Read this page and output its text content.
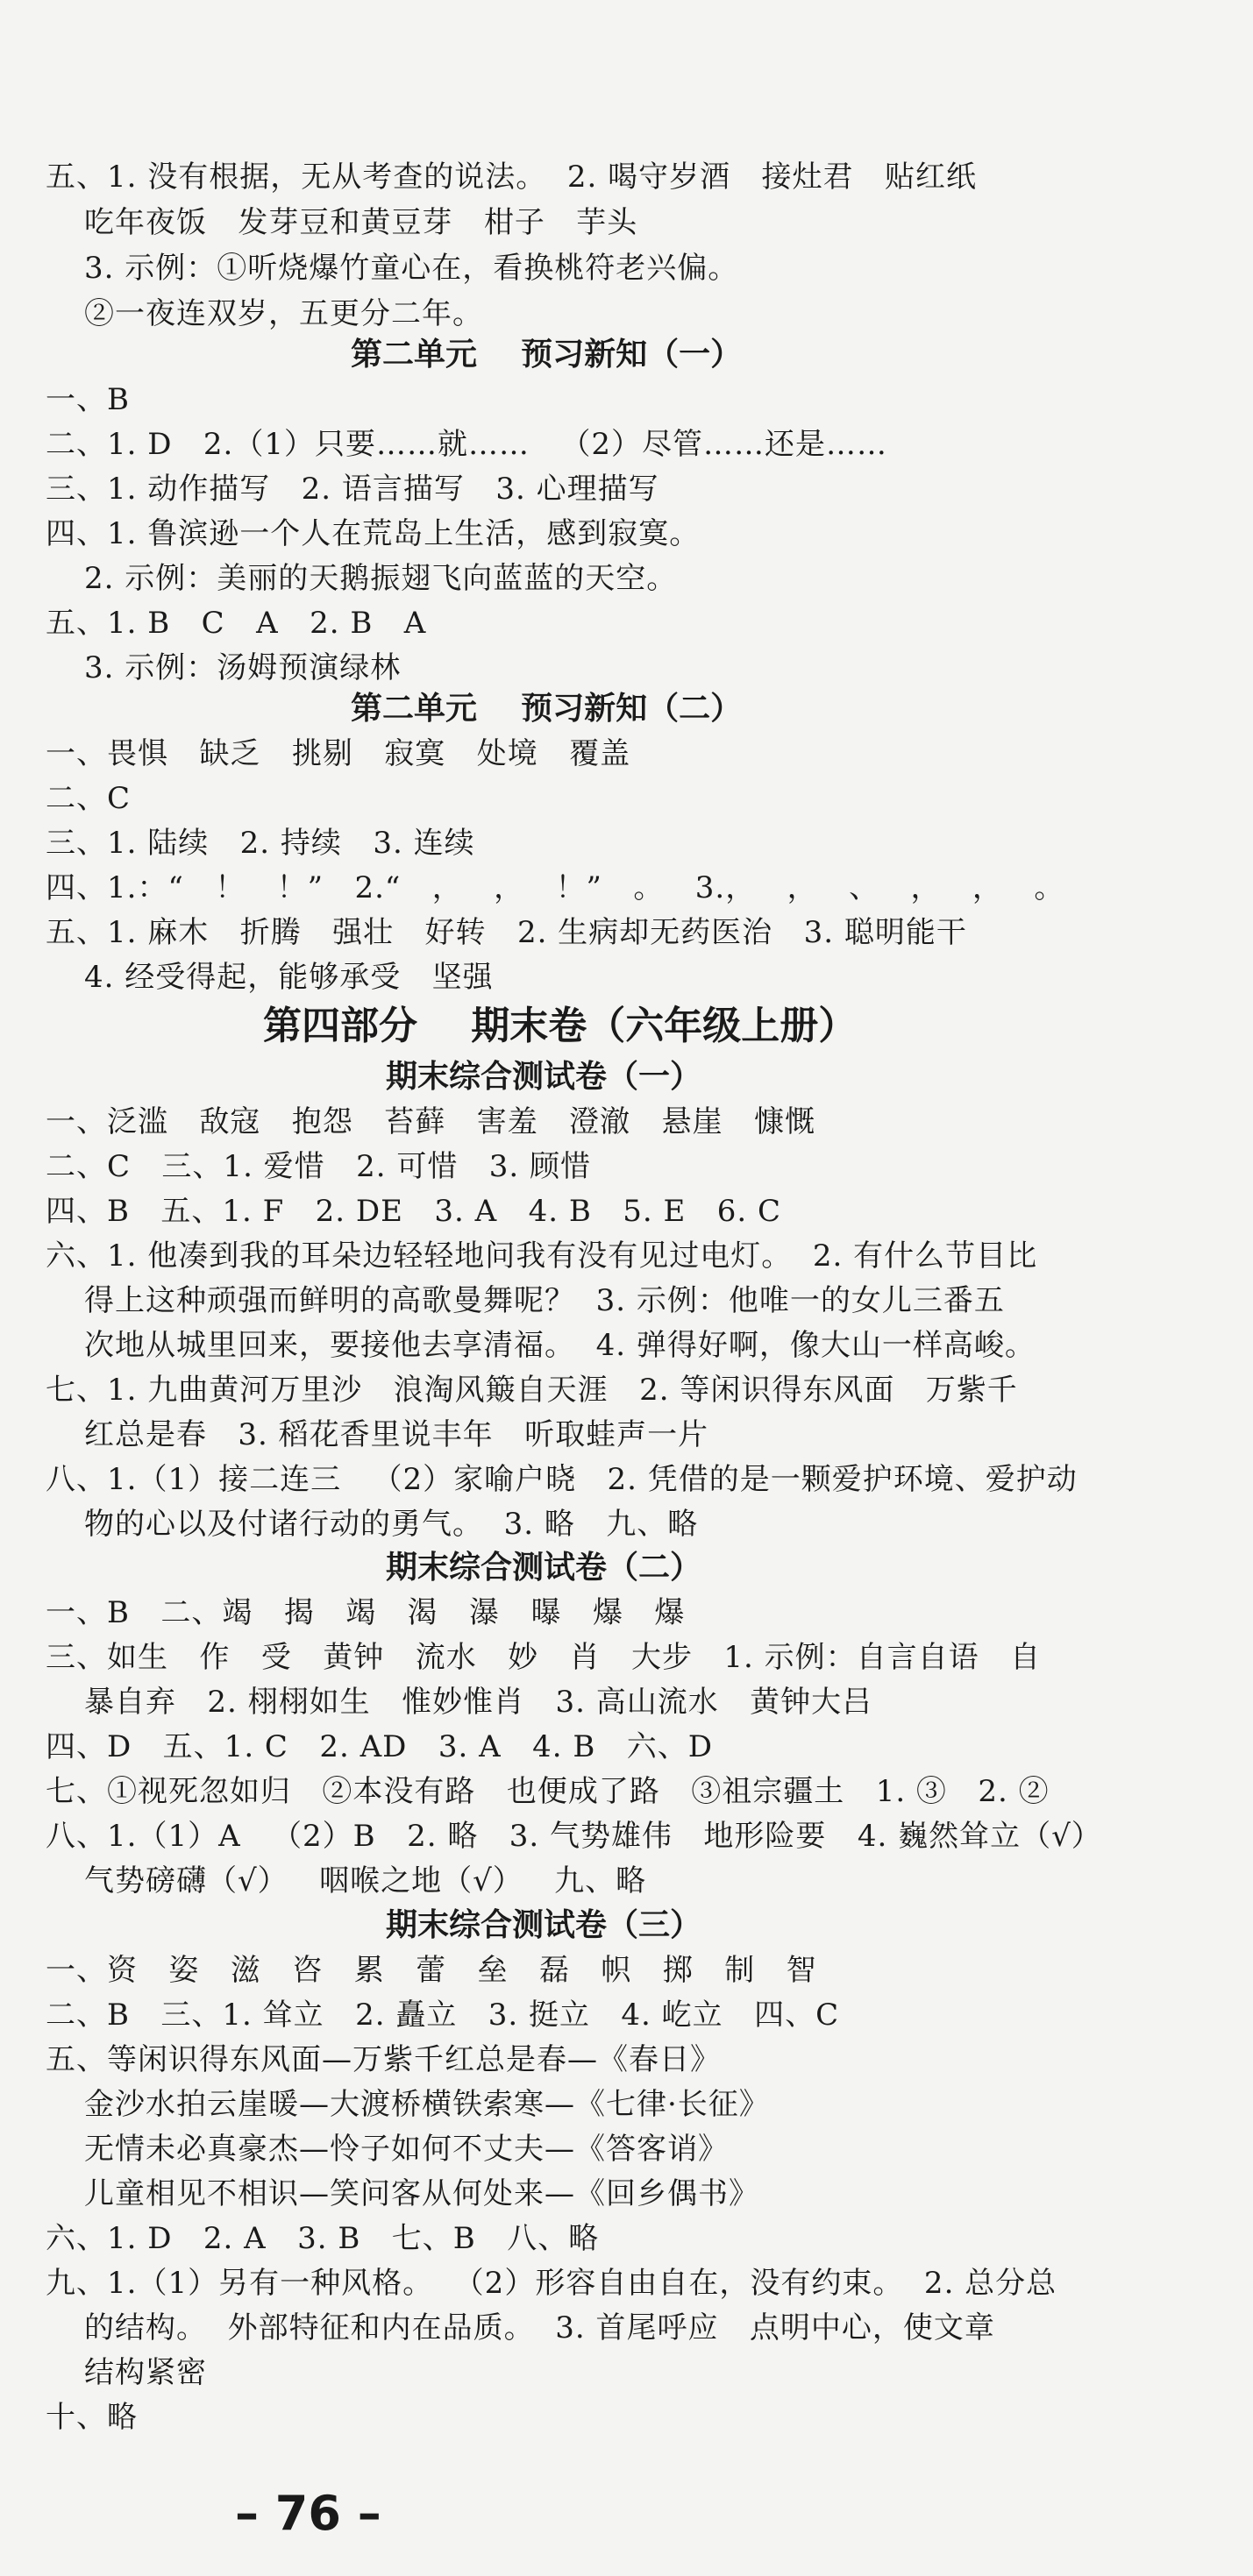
五、1. 没有根据，无从考查的说法。  2. 喝守岁酒   接灶君   贴红纸
吃年夜饭   发芽豆和黄豆芽   柑子   芋头
3. 示例：①听烧爆竹童心在，看换桃符老兴偏。
②一夜连双岁，五更分二年。
第二单元    预习新知（一）
一、B
二、1. D   2.（1）只要……就……   （2）尽管……还是……
三、1. 动作描写   2. 语言描写   3. 心理描写
四、1. 鲁滨逊一个人在荒岛上生活，感到寂寞。
2. 示例：美丽的天鹅振翅飞向蓝蓝的天空。
五、1. B   C   A   2. B   A
3. 示例：汤姆预演绿林
第二单元    预习新知（二）
一、畏惧   缺乏   挑剔   寂寞   处境   覆盖
二、C
三、1. 陆续   2. 持续   3. 连续
四、1.：“   ！   ！”   2.“   ，   ，   ！”   。   3.，   ，   、   ，   ，   。
五、1. 麻木   折腾   强壮   好转   2. 生病却无药医治   3. 聪明能干
4. 经受得起，能够承受   坚强
第四部分    期末卷（六年级上册）
期末综合测试卷（一）
一、泛滥   敌寇   抱怨   苔藓   害羞   澄澈   悬崖   慷慨
二、C   三、1. 爱惜   2. 可惜   3. 顾惜
四、B   五、1. F   2. DE   3. A   4. B   5. E   6. C
六、1. 他凑到我的耳朵边轻轻地问我有没有见过电灯。  2. 有什么节目比
得上这种顽强而鲜明的高歌曼舞呢？  3. 示例：他唯一的女儿三番五
次地从城里回来，要接他去享清福。  4. 弹得好啊，像大山一样高峻。
七、1. 九曲黄河万里沙   浪淘风簸自天涯   2. 等闲识得东风面   万紫千
红总是春   3. 稻花香里说丰年   听取蛙声一片
八、1.（1）接二连三   （2）家喻户晓   2. 凭借的是一颗爱护环境、爱护动
物的心以及付诸行动的勇气。  3. 略   九、略
期末综合测试卷（二）
一、B   二、竭   揭   竭   渴   瀑   曝   爆   爆
三、如生   作   受   黄钟   流水   妙   肖   大步   1. 示例：自言自语   自
暴自弃   2. 栩栩如生   惟妙惟肖   3. 高山流水   黄钟大吕
四、D   五、1. C   2. AD   3. A   4. B   六、D
七、①视死忽如归   ②本没有路   也便成了路   ③祖宗疆土   1. ③   2. ②
八、1.（1）A   （2）B   2. 略   3. 气势雄伟   地形险要   4. 巍然耸立（√）
气势磅礴（√）   咽喉之地（√）   九、略
期末综合测试卷（三）
一、资   姿   滋   咨   累   蕾   垒   磊   帜   掷   制   智
二、B   三、1. 耸立   2. 矗立   3. 挺立   4. 屹立   四、C
五、等闲识得东风面—万紫千红总是春—《春日》
金沙水拍云崖暖—大渡桥横铁索寒—《七律·长征》
无情未必真豪杰—怜子如何不丈夫—《答客诮》
儿童相见不相识—笑问客从何处来—《回乡偶书》
六、1. D   2. A   3. B   七、B   八、略
九、1.（1）另有一种风格。  （2）形容自由自在，没有约束。  2. 总分总
的结构。  外部特征和内在品质。  3. 首尾呼应   点明中心，使文章
结构紧密
十、略
– 76 –
